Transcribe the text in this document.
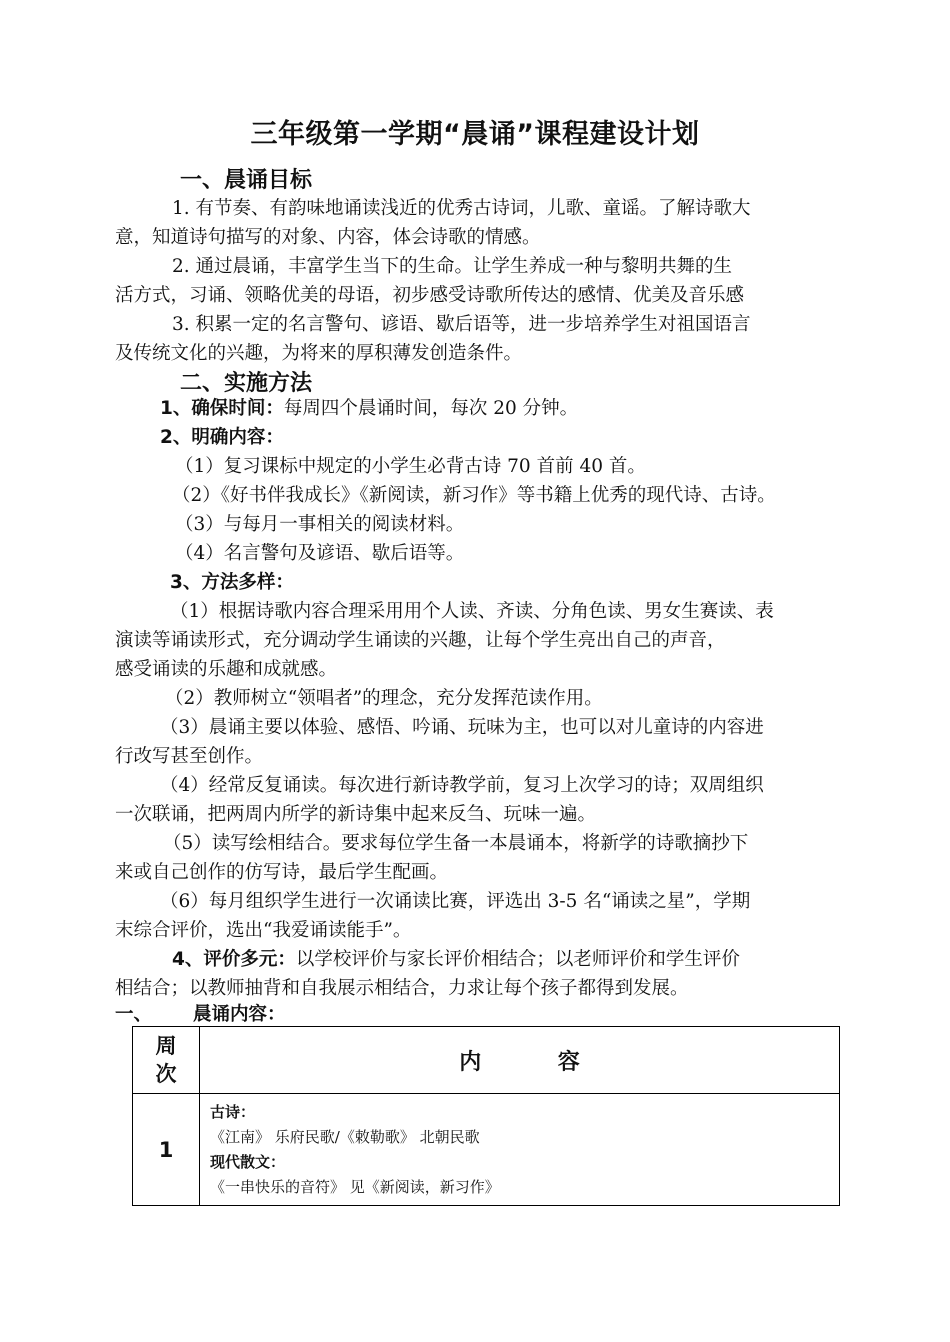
三年级第一学期“晨诵”课程建设计划
一、晨诵目标
1. 有节奏、有韵味地诵读浅近的优秀古诗词，儿歌、童谣。了解诗歌大
意，知道诗句描写的对象、内容，体会诗歌的情感。
2. 通过晨诵，丰富学生当下的生命。让学生养成一种与黎明共舞的生
活方式，习诵、领略优美的母语，初步感受诗歌所传达的感情、优美及音乐感
3. 积累一定的名言警句、谚语、歇后语等，进一步培养学生对祖国语言
及传统文化的兴趣，为将来的厚积薄发创造条件。
二、实施方法
1、确保时间：每周四个晨诵时间，每次 20 分钟。
2、明确内容：
（1）复习课标中规定的小学生必背古诗 70 首前 40 首。
（2）《好书伴我成长》《新阅读，新习作》等书籍上优秀的现代诗、古诗。
（3）与每月一事相关的阅读材料。
（4）名言警句及谚语、歇后语等。
3、方法多样：
（1）根据诗歌内容合理采用用个人读、齐读、分角色读、男女生赛读、表
演读等诵读形式，充分调动学生诵读的兴趣，让每个学生亮出自己的声音，
感受诵读的乐趣和成就感。
（2）教师树立“领唱者”的理念，充分发挥范读作用。
（3）晨诵主要以体验、感悟、吟诵、玩味为主，也可以对儿童诗的内容进
行改写甚至创作。
（4）经常反复诵读。每次进行新诗教学前，复习上次学习的诗；双周组织
一次联诵，把两周内所学的新诗集中起来反刍、玩味一遍。
（5）读写绘相结合。要求每位学生备一本晨诵本，将新学的诗歌摘抄下
来或自己创作的仿写诗，最后学生配画。
（6）每月组织学生进行一次诵读比赛，评选出 3-5 名“诵读之星”，学期
末综合评价，选出“我爱诵读能手”。
4、评价多元：以学校评价与家长评价相结合；以老师评价和学生评价
相结合；以教师抽背和自我展示相结合，力求让每个孩子都得到发展。
一、 晨诵内容：
周
次	内          容
1	古诗：
《江南》 乐府民歌/《敕勒歌》 北朝民歌
现代散文：
《一串快乐的音符》 见《新阅读，新习作》
